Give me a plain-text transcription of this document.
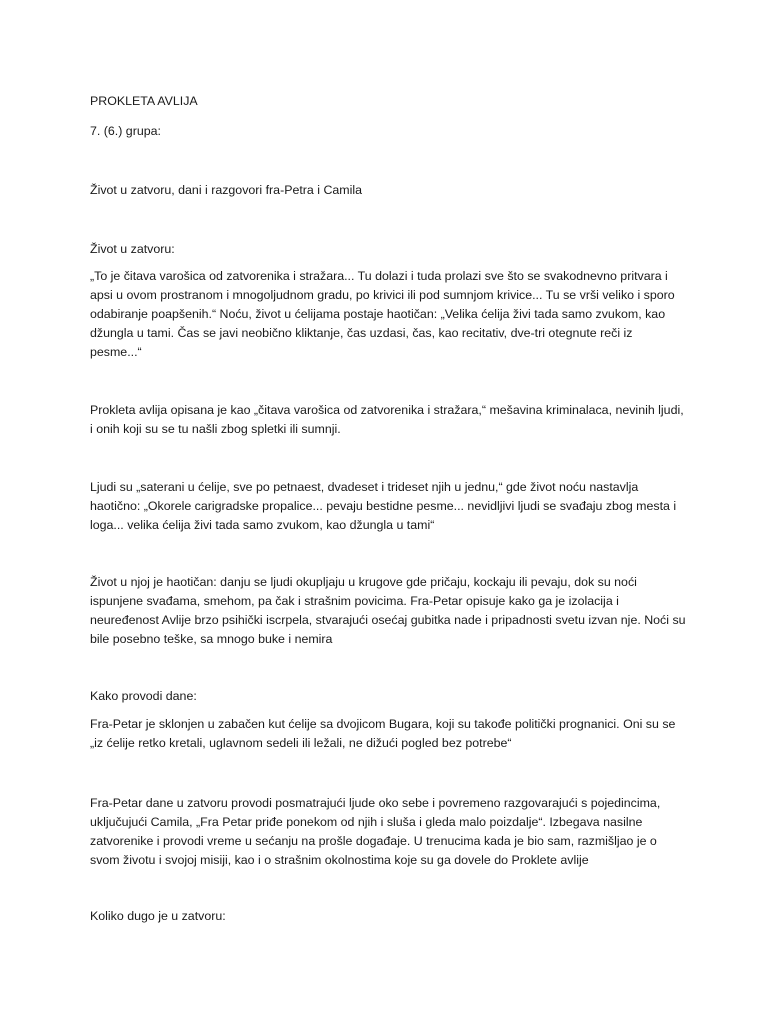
PROKLETA AVLIJA

7. (6.) grupa:

Život u zatvoru, dani i razgovori fra-Petra i Camila

Život u zatvoru:

„To je čitava varošica od zatvorenika i stražara... Tu dolazi i tuda prolazi sve što se svakodnevno pritvara i apsi u ovom prostranom i mnogoljudnom gradu, po krivici ili pod sumnjom krivice... Tu se vrši veliko i sporo odabiranje poapšenih.“ Noću, život u ćelijama postaje haotičan: „Velika ćelija živi tada samo zvukom, kao džungla u tami. Čas se javi neobično kliktanje, čas uzdasi, čas, kao recitativ, dve-tri otegnute reči iz pesme...“

Prokleta avlija opisana je kao „čitava varošica od zatvorenika i stražara,“ mešavina kriminalaca, nevinih ljudi, i onih koji su se tu našli zbog spletki ili sumnji.

Ljudi su „saterani u ćelije, sve po petnaest, dvadeset i trideset njih u jednu,“ gde život noću nastavlja haotično: „Okorele carigradske propalice... pevaju bestidne pesme... nevidljivi ljudi se svađaju zbog mesta i loga... velika ćelija živi tada samo zvukom, kao džungla u tami“

Život u njoj je haotičan: danju se ljudi okupljaju u krugove gde pričaju, kockaju ili pevaju, dok su noći ispunjene svađama, smehom, pa čak i strašnim povicima. Fra-Petar opisuje kako ga je izolacija i neuređenost Avlije brzo psihički iscrpela, stvarajući osećaj gubitka nade i pripadnosti svetu izvan nje. Noći su bile posebno teške, sa mnogo buke i nemira

Kako provodi dane:

Fra-Petar je sklonjen u zabačen kut ćelije sa dvojicom Bugara, koji su takođe politički prognanici. Oni su se „iz ćelije retko kretali, uglavnom sedeli ili ležali, ne dižući pogled bez potrebe“

Fra-Petar dane u zatvoru provodi posmatrajući ljude oko sebe i povremeno razgovarajući s pojedincima, uključujući Camila, „Fra Petar priđe ponekom od njih i sluša i gleda malo poizdalje“. Izbegava nasilne zatvorenike i provodi vreme u sećanju na prošle događaje. U trenucima kada je bio sam, razmišljao je o svom životu i svojoj misiji, kao i o strašnim okolnostima koje su ga dovele do Proklete avlije

Koliko dugo je u zatvoru:
